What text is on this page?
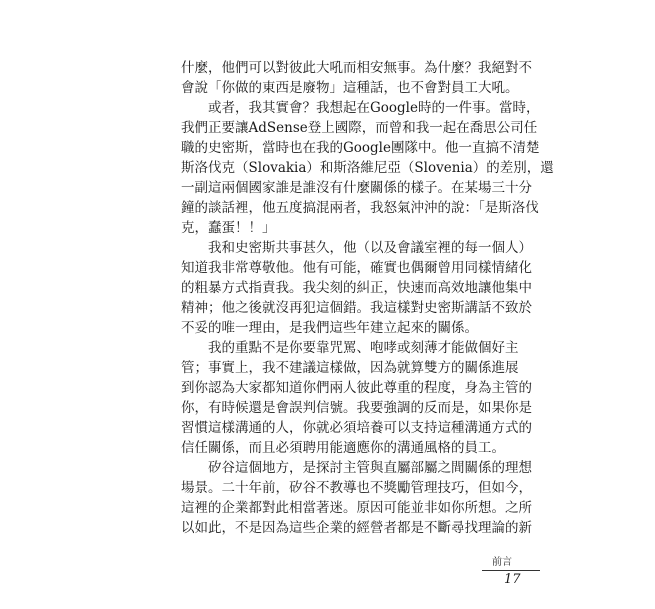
什麼，他們可以對彼此大吼而相安無事。為什麼？我絕對不
會說「你做的東西是廢物」這種話，也不會對員工大吼。
或者，我其實會？我想起在Google時的一件事。當時，
我們正要讓AdSense登上國際，而曾和我一起在喬思公司任
職的史密斯，當時也在我的Google團隊中。他一直搞不清楚
斯洛伐克（Slovakia）和斯洛維尼亞（Slovenia）的差別，還
一副這兩個國家誰是誰沒有什麼關係的樣子。在某場三十分
鐘的談話裡，他五度搞混兩者，我怒氣沖沖的說：「是斯洛伐
克，蠢蛋！！」
我和史密斯共事甚久，他（以及會議室裡的每一個人）
知道我非常尊敬他。他有可能，確實也偶爾曾用同樣情緒化
的粗暴方式指責我。我尖刻的糾正，快速而高效地讓他集中
精神；他之後就沒再犯這個錯。我這樣對史密斯講話不致於
不妥的唯一理由，是我們這些年建立起來的關係。
我的重點不是你要靠咒罵、咆哮或刻薄才能做個好主
管；事實上，我不建議這樣做，因為就算雙方的關係進展
到你認為大家都知道你們兩人彼此尊重的程度，身為主管的
你，有時候還是會誤判信號。我要強調的反而是，如果你是
習慣這樣溝通的人，你就必須培養可以支持這種溝通方式的
信任關係，而且必須聘用能適應你的溝通風格的員工。
矽谷這個地方，是探討主管與直屬部屬之間關係的理想
場景。二十年前，矽谷不教導也不獎勵管理技巧，但如今，
這裡的企業都對此相當著迷。原因可能並非如你所想。之所
以如此，不是因為這些企業的經營者都是不斷尋找理論的新
前言
17
